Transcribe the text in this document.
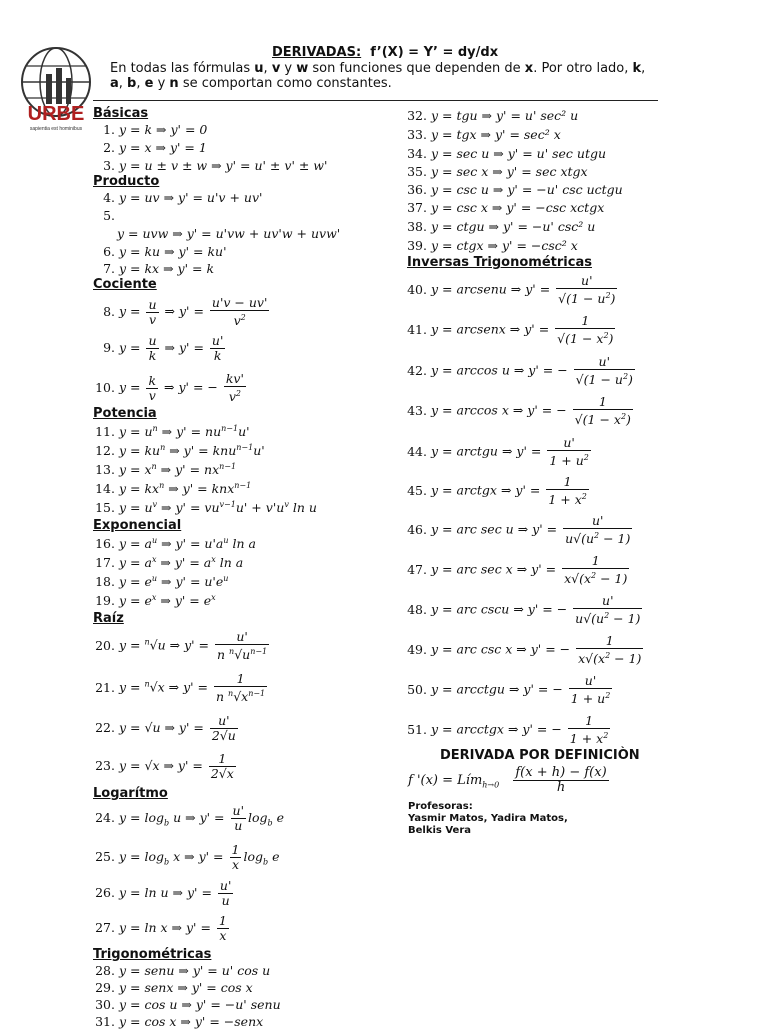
URBE
sapientia est hominibus
DERIVADAS: f’(X) = Y’ = dy/dx
En todas las fórmulas u, v y w son funciones que dependen de x. Por otro lado, k,
a, b, e y n se comportan como constantes.
Básicas
1. y = k ⇒ y' = 0
2. y = x ⇒ y' = 1
3. y = u ± v ± w ⇒ y' = u' ± v' ± w'
Producto
4. y = uv ⇒ y' = u'v + uv'
5.
y = uvw ⇒ y' = u'vw + uv'w + uvw'
6. y = ku ⇒ y' = ku'
7. y = kx ⇒ y' = k
Cociente
8. $y = \frac{u}{v}$ ⇒ $y' = \frac{u'v - uv'}{v^2}$
9. $y = \frac{u}{k}$ ⇒ $y' = \frac{u'}{k}$
10. $y = \frac{k}{v}$ ⇒ y' = − $\frac{kv'}{v^2}$
Potencia
11. $y = u^n$ ⇒ $y' = nu^{n-1}u'$
12. $y = ku^n$ ⇒ y' = knu$^{n-1}$u'
13. $y = x^n$ ⇒ $y' = nx^{n-1}$
14. $y = kx^n$ ⇒ y' = knx$^{n-1}$
15. $y = u^v$ ⇒ $y' = vu^{v-1}u' + v'u^v$ ln u
Exponencial
16. $y = a^u$ ⇒ $y' = u'a^u$ ln a
17. $y = a^x$ ⇒ $y' = a^x$ ln a
18. $y = e^u$ ⇒ $y' = u'e^u$
19. $y = e^x$ ⇒ $y' = e^x$
Raíz
20. y = $^n$√u ⇒ $y' = \frac{u'}{n ^n√u^{n-1}}$
21. y = $^n$√x ⇒ $y' = \frac{1}{n ^n√x^{n-1}}$
22. y = √u ⇒ $y' = \frac{u'}{2√u}$
23. y = √x ⇒ $y' = \frac{1}{2√x}$
Logarítmo
24. $y = \log_b u$ ⇒ $y' = \frac{u'}{u} \log_b e$
25. $y = \log_b x$ ⇒ $y' = \frac{1}{x} \log_b e$
26. y = ln u ⇒ $y' = \frac{u'}{u}$
27. y = ln x ⇒ $y' = \frac{1}{x}$
Trigonométricas
28. y = senu ⇒ y' = u' cos u
29. y = senx ⇒ y' = cos x
30. y = cos u ⇒ y' = −u' senu
31. y = cos x ⇒ y' = −senx
32. y = tgu ⇒ y' = u' sec² u
33. y = tgx ⇒ y' = sec² x
34. y = sec u ⇒ y' = u' sec utgu
35. y = sec x ⇒ y' = sec xtgx
36. y = csc u ⇒ y' = −u' csc uctgu
37. y = csc x ⇒ y' = −csc xctgx
38. y = ctgu ⇒ y' = −u' csc² u
39. y = ctgx ⇒ y' = −csc² x
Inversas Trigonométricas
40. y = arcsenu ⇒ $y' = \frac{u'}{√(1 - u^2)}$
41. y = arcsenx ⇒ $y' = \frac{1}{√(1 - x^2)}$
42. y = arccos u ⇒ y' = − $\frac{u'}{√(1 - u^2)}$
43. y = arccos x ⇒ y' = − $\frac{1}{√(1 - x^2)}$
44. y = arctgu ⇒ $y' = \frac{u'}{1 + u^2}$
45. y = arctgx ⇒ $y' = \frac{1}{1 + x^2}$
46. y = arc sec u ⇒ $y' = \frac{u'}{u√(u^2 - 1)}$
47. y = arc sec x ⇒ $y' = \frac{1}{x√(x^2 - 1)}$
48. y = arc cscu ⇒ y' = − $\frac{u'}{u√(u^2 - 1)}$
49. y = arc csc x ⇒ y' = − $\frac{1}{x√(x^2 - 1)}$
50. y = arcctgu ⇒ y' = − $\frac{u'}{1 + u^2}$
51. y = arcctgx ⇒ y' = − $\frac{1}{1 + x^2}$
DERIVADA POR DEFINICIÒN
f '(x) = Lím$_{h\to 0}$ $\frac{f(x + h) - f(x)}{h}$
Profesoras:
Yasmir Matos, Yadira Matos,
Belkis Vera
